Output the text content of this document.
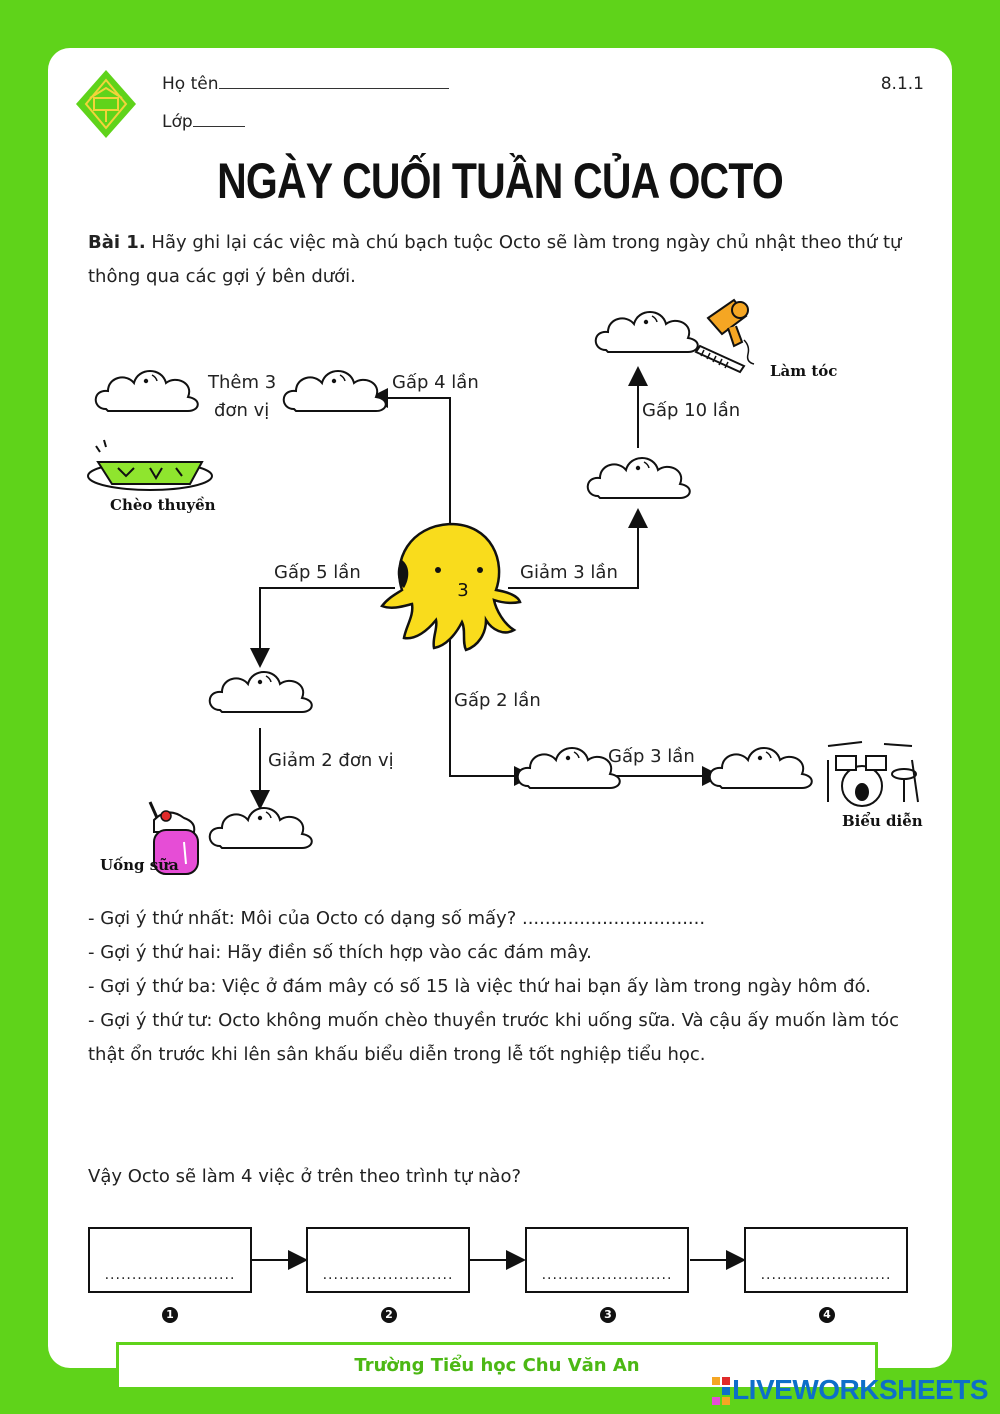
Họ tên
Lớp
8.1.1
NGÀY CUỐI TUẦN CỦA OCTO
Bài 1. Hãy ghi lại các việc mà chú bạch tuộc Octo sẽ làm trong ngày chủ nhật theo thứ tự thông qua các gợi ý bên dưới.
3
Gấp 4 lần
Thêm 3
đơn vị
Gấp 5 lần
Giảm 2 đơn vị
Giảm 3 lần
Gấp 10 lần
Gấp 2 lần
Gấp 3 lần
Chèo thuyền
Làm tóc
Uống sữa
Biểu diễn
- Gợi ý thứ nhất: Môi của Octo có dạng số mấy? ................................
- Gợi ý thứ hai: Hãy điền số thích hợp vào các đám mây.
- Gợi ý thứ ba: Việc ở đám mây có số 15 là việc thứ hai bạn ấy làm trong ngày hôm đó.
- Gợi ý thứ tư: Octo không muốn chèo thuyền trước khi uống sữa. Và cậu ấy muốn làm tóc thật ổn trước khi lên sân khấu biểu diễn trong lễ tốt nghiệp tiểu học.
Vậy Octo sẽ làm 4 việc ở trên theo trình tự nào?
........................	........................	........................	........................
1	2	3	4
Trường Tiểu học Chu Văn An
LIVEWORKSHEETS
